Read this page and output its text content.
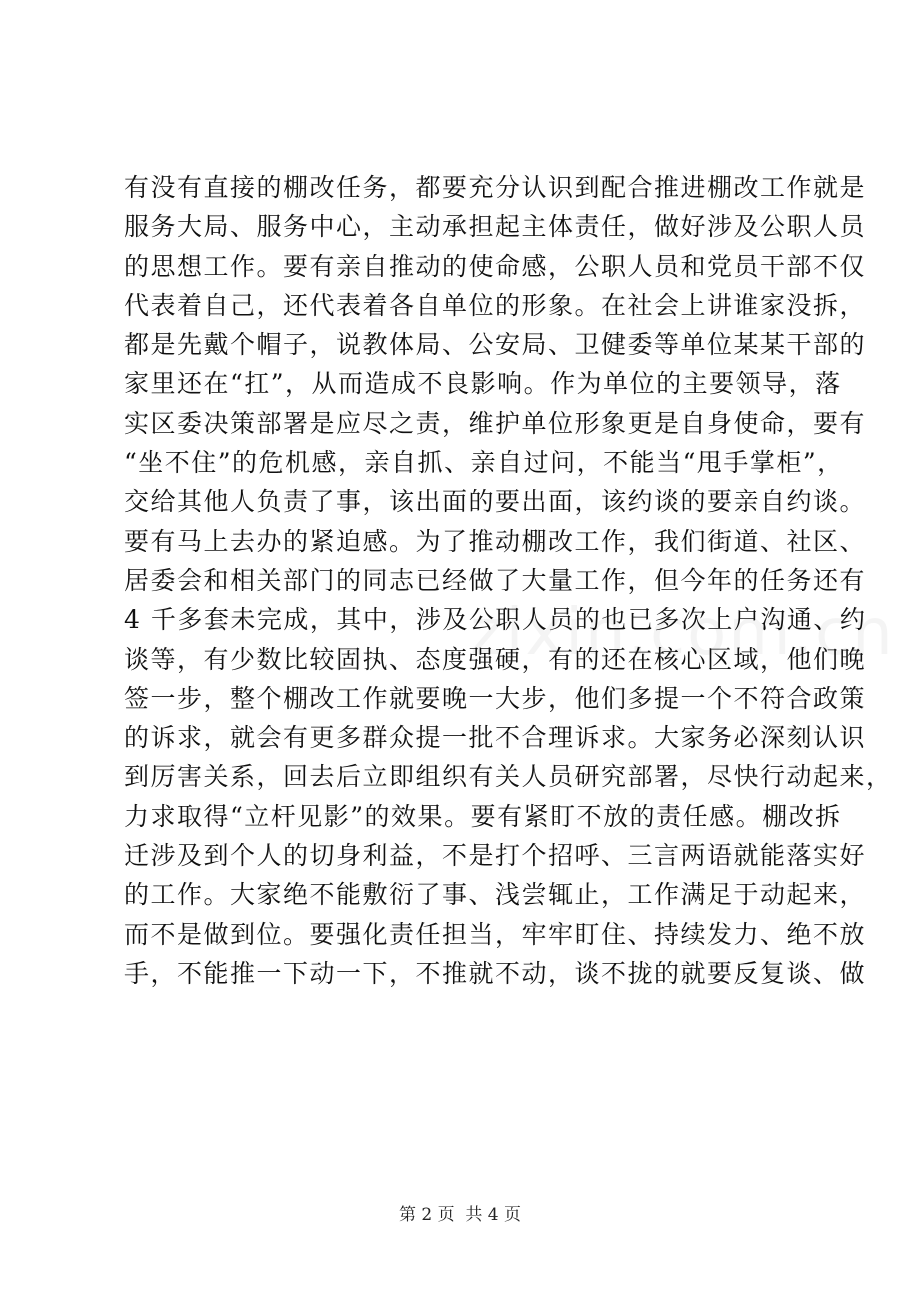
有没有直接的棚改任务，都要充分认识到配合推进棚改工作就是
服务大局、服务中心，主动承担起主体责任，做好涉及公职人员
的思想工作。要有亲自推动的使命感，公职人员和党员干部不仅
代表着自己，还代表着各自单位的形象。在社会上讲谁家没拆，
都是先戴个帽子，说教体局、公安局、卫健委等单位某某干部的
家里还在“扛”，从而造成不良影响。作为单位的主要领导，落
实区委决策部署是应尽之责，维护单位形象更是自身使命，要有
“坐不住”的危机感，亲自抓、亲自过问，不能当“甩手掌柜”，
交给其他人负责了事，该出面的要出面，该约谈的要亲自约谈。
要有马上去办的紧迫感。为了推动棚改工作，我们街道、社区、
居委会和相关部门的同志已经做了大量工作，但今年的任务还有
4 千多套未完成，其中，涉及公职人员的也已多次上户沟通、约
谈等，有少数比较固执、态度强硬，有的还在核心区域，他们晚
签一步，整个棚改工作就要晚一大步，他们多提一个不符合政策
的诉求，就会有更多群众提一批不合理诉求。大家务必深刻认识
到厉害关系，回去后立即组织有关人员研究部署，尽快行动起来，
力求取得“立杆见影”的效果。要有紧盯不放的责任感。棚改拆
迁涉及到个人的切身利益，不是打个招呼、三言两语就能落实好
的工作。大家绝不能敷衍了事、浅尝辄止，工作满足于动起来，
而不是做到位。要强化责任担当，牢牢盯住、持续发力、绝不放
手，不能推一下动一下，不推就不动，谈不拢的就要反复谈、做
第 2 页  共 4 页
